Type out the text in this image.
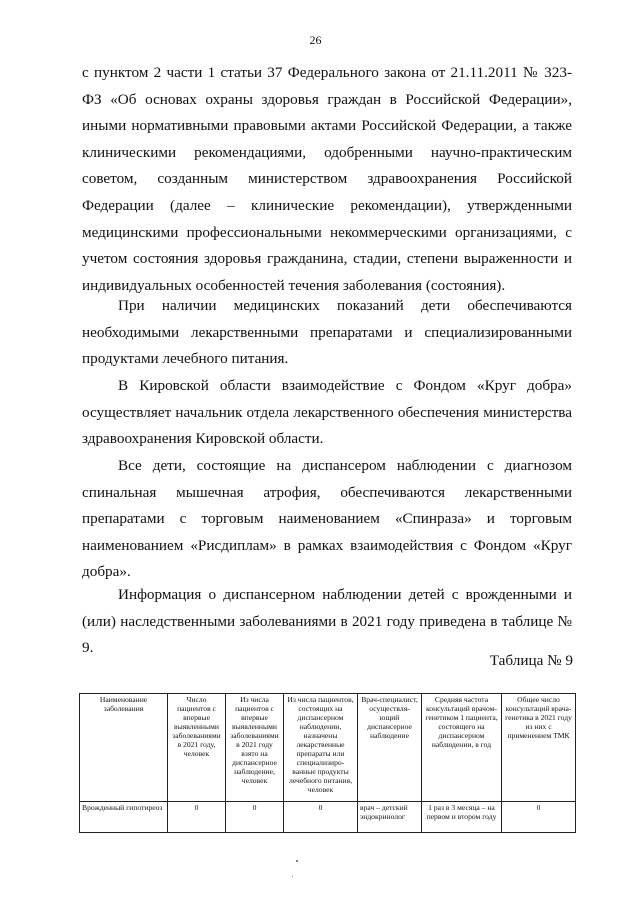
26

с пунктом 2 части 1 статьи 37 Федерального закона от 21.11.2011 № 323-ФЗ «Об основах охраны здоровья граждан в Российской Федерации», иными нормативными правовыми актами Российской Федерации, а также клиническими рекомендациями, одобренными научно-практическим советом, созданным министерством здравоохранения Российской Федерации (далее – клинические рекомендации), утвержденными медицинскими профессиональными некоммерческими организациями, с учетом состояния здоровья гражданина, стадии, степени выраженности и индивидуальных особенностей течения заболевания (состояния).

При наличии медицинских показаний дети обеспечиваются необходимыми лекарственными препаратами и специализированными продуктами лечебного питания.

В Кировской области взаимодействие с Фондом «Круг добра» осуществляет начальник отдела лекарственного обеспечения министерства здравоохранения Кировской области.

Все дети, состоящие на диспансером наблюдении с диагнозом спинальная мышечная атрофия, обеспечиваются лекарственными препаратами с торговым наименованием «Спинраза» и торговым наименованием «Рисдиплам» в рамках взаимодействия с Фондом «Круг добра».

Информация о диспансерном наблюдении детей с врожденными и (или) наследственными заболеваниями в 2021 году приведена в таблице № 9.

Таблица № 9
Наименование заболевания	Число пациентов с впервые выявленными заболеваниями в 2021 году, человек	Из числа пациентов с впервые выявленными заболеваниями в 2021 году взято на диспансерное наблюдение, человек	Из числа пациентов, состоящих на диспансерном наблюдении, назначены лекарственные препараты или специализиро-ванные продукты лечебного питания, человек	Врач-специалист, осуществля-ющий диспансерное наблюдение	Средняя частота консультаций врачом-генетиком 1 пациента, состоящего на диспансерном наблюдении, в год	Общее число консультаций врача-генетика в 2021 году из них с применением ТМК
Врожденный гипотиреоз	0	0	0	врач – детский эндокринолог	1 раз в 3 месяца – на первом и втором году	0
